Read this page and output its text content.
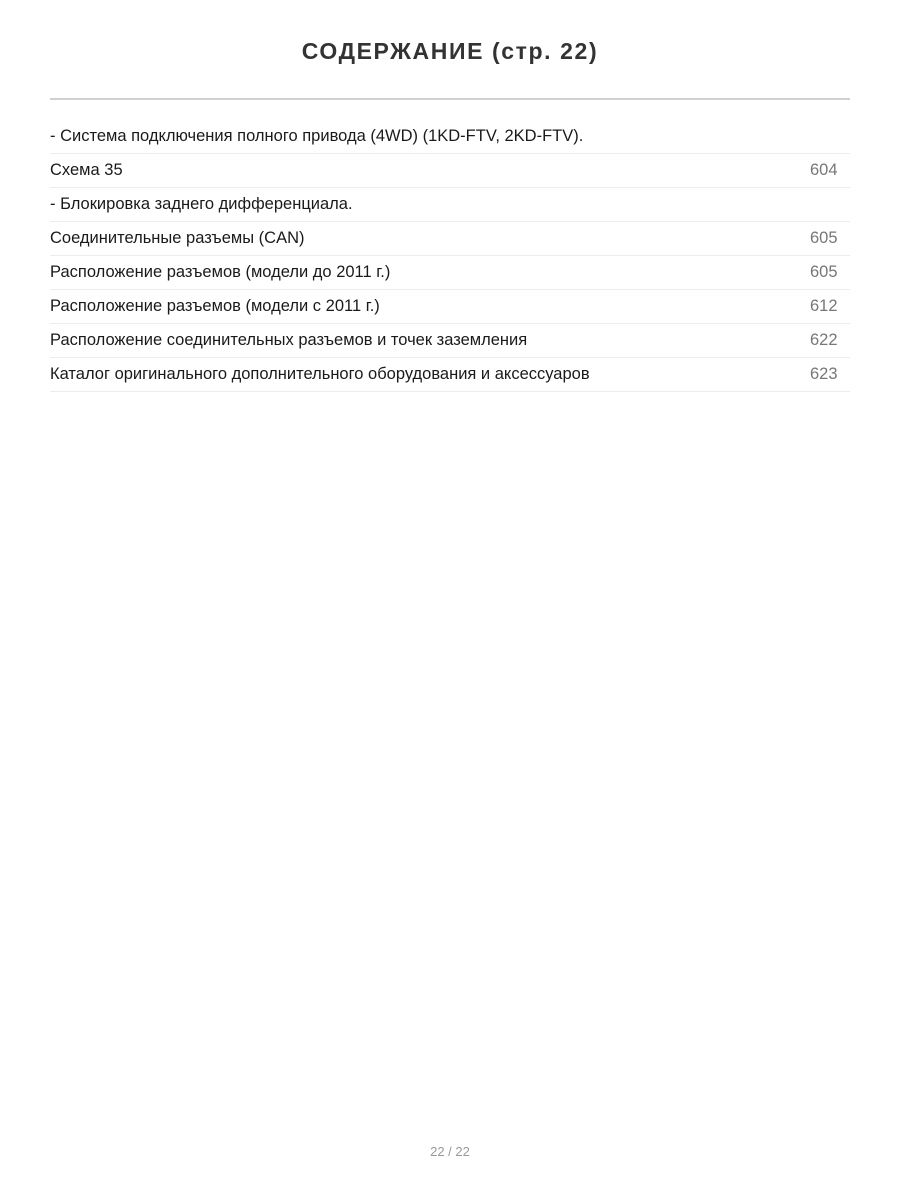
СОДЕРЖАНИЕ (стр. 22)
- Система подключения полного привода (4WD) (1KD-FTV, 2KD-FTV).
Схема 35	604
- Блокировка заднего дифференциала.
Соединительные разъемы (CAN)	605
Расположение разъемов (модели до 2011 г.)	605
Расположение разъемов (модели с 2011 г.)	612
Расположение соединительных разъемов и точек заземления	622
Каталог оригинального дополнительного оборудования и аксессуаров	623
22 / 22
